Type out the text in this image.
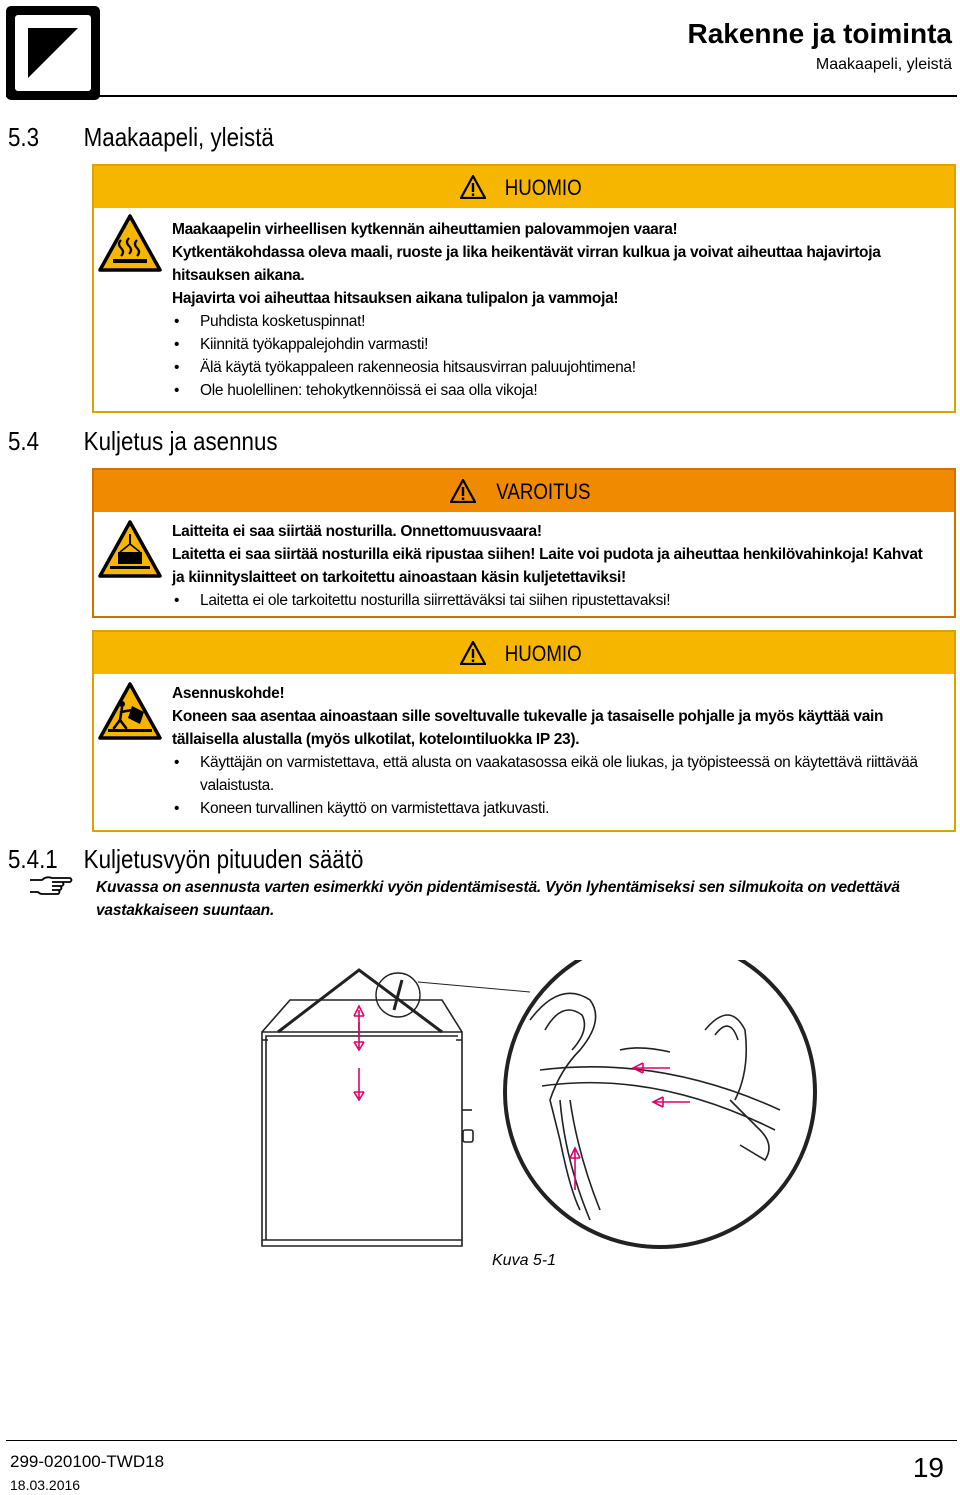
Rakenne ja toiminta
Maakaapeli, yleistä
5.3 Maakaapeli, yleistä
HUOMIO

Maakaapelin virheellisen kytkennän aiheuttamien palovammojen vaara!

Kytkentäkohdassa oleva maali, ruoste ja lika heikentävät virran kulkua ja voivat aiheuttaa hajavirtoja hitsauksen aikana.

Hajavirta voi aiheuttaa hitsauksen aikana tulipalon ja vammoja!

• Puhdista kosketuspinnat!
• Kiinnitä työkappalejohdin varmasti!
• Älä käytä työkappaleen rakenneosia hitsausvirran paluujohtimena!
• Ole huolellinen: tehokytkennöissä ei saa olla vikoja!
5.4 Kuljetus ja asennus
VAROITUS

Laitteita ei saa siirtää nosturilla. Onnettomuusvaara!

Laitetta ei saa siirtää nosturilla eikä ripustaa siihen! Laite voi pudota ja aiheuttaa henkilövahinkoja! Kahvat ja kiinnityslaitteet on tarkoitettu ainoastaan käsin kuljetettaviksi!

• Laitetta ei ole tarkoitettu nosturilla siirrettäväksi tai siihen ripustettavaksi!
HUOMIO

Asennuskohde!

Koneen saa asentaa ainoastaan sille soveltuvalle tukevalle ja tasaiselle pohjalle ja myös käyttää vain tällaisella alustalla (myös ulkotilat, koteloıntiluokka IP 23).

• Käyttäjän on varmistettava, että alusta on vaakatasossa eikä ole liukas, ja työpisteessä on käytettävä riittävää valaistusta.
• Koneen turvallinen käyttö on varmistettava jatkuvasti.
5.4.1 Kuljetusvyön pituuden säätö
Kuvassa on asennusta varten esimerkki vyön pidentämisestä. Vyön lyhentämiseksi sen silmukoita on vedettävä vastakkaiseen suuntaan.
Kuva 5-1
299-020100-TWD18
18.03.2016
19
